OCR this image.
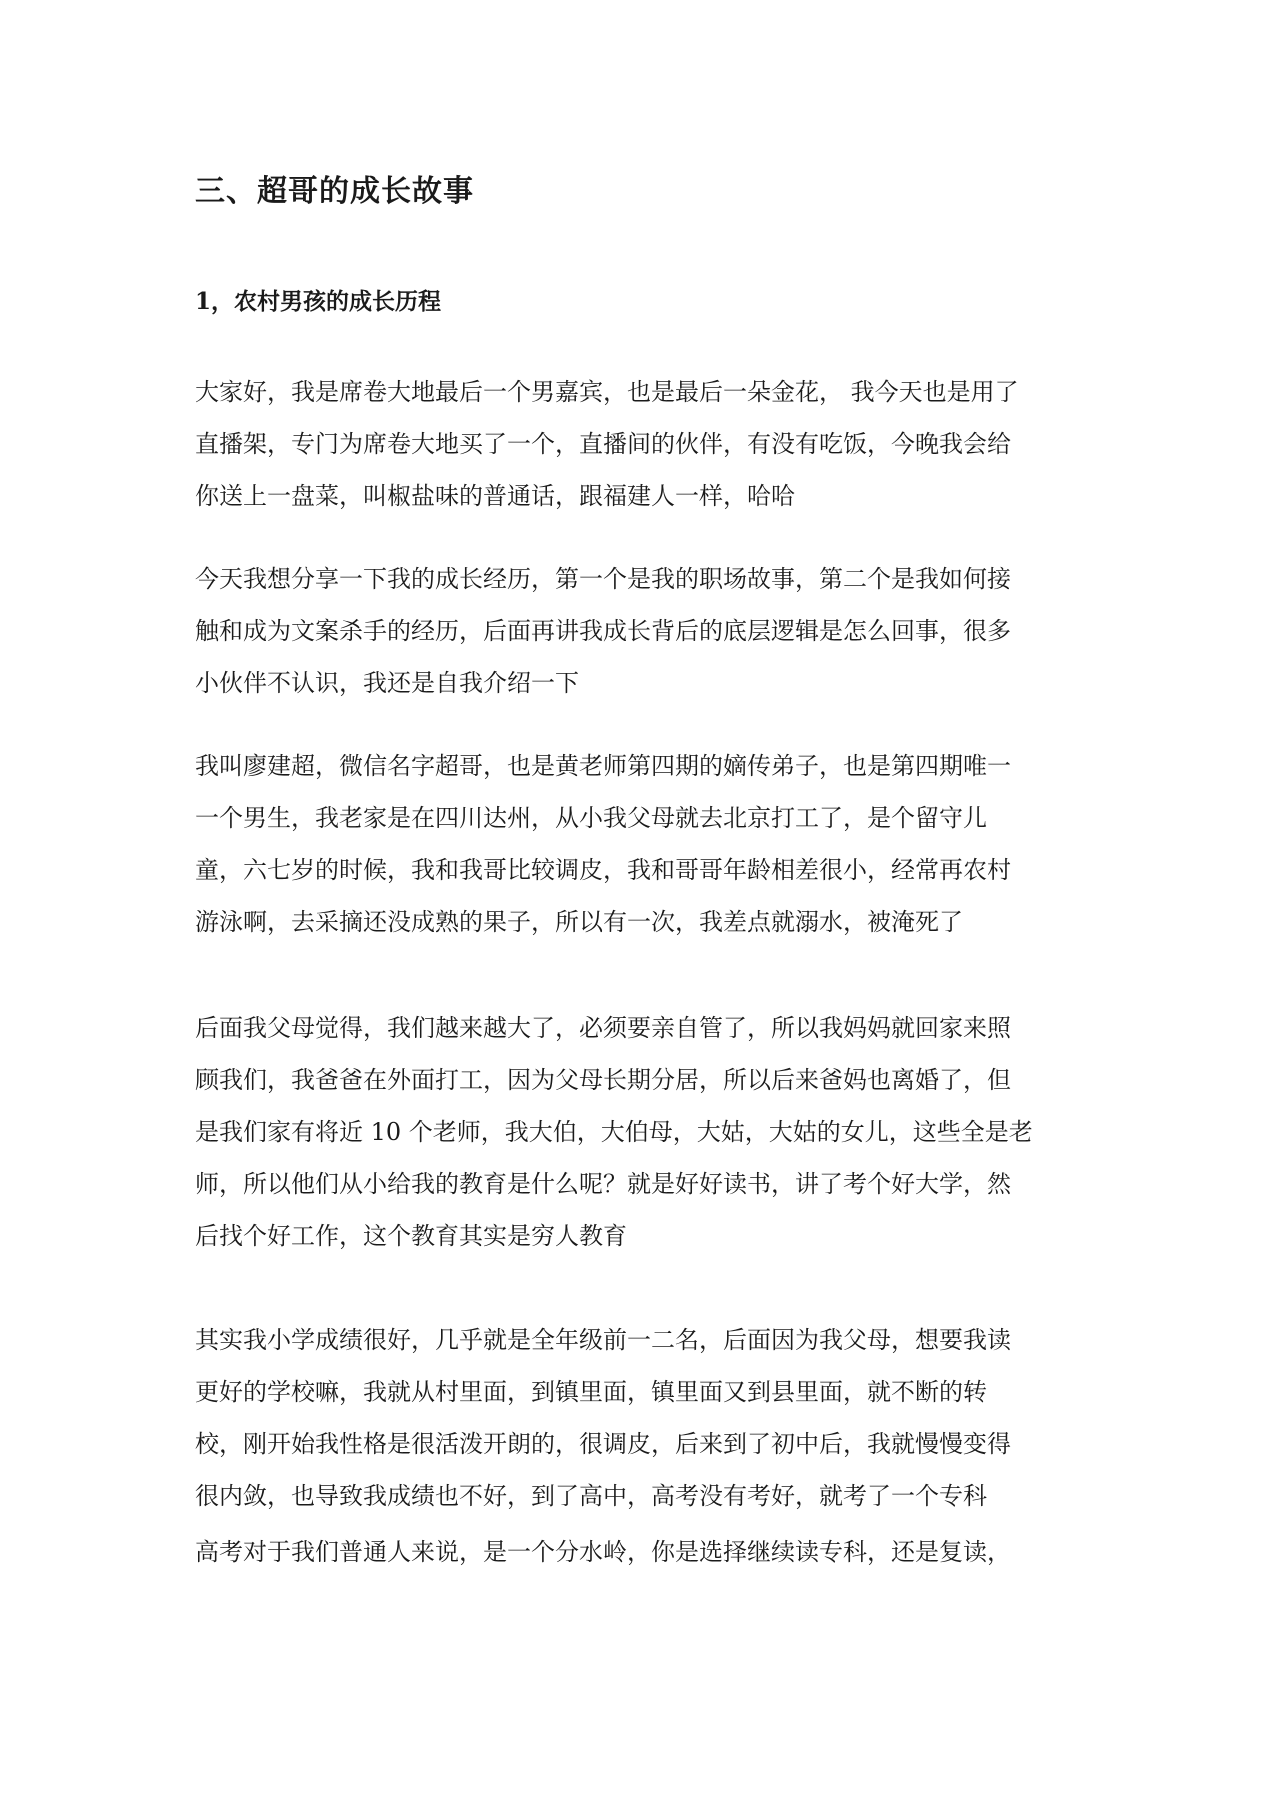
三、超哥的成长故事
1，农村男孩的成长历程

大家好，我是席卷大地最后一个男嘉宾，也是最后一朵金花， 我今天也是用了
直播架，专门为席卷大地买了一个，直播间的伙伴，有没有吃饭，今晚我会给
你送上一盘菜，叫椒盐味的普通话，跟福建人一样，哈哈

今天我想分享一下我的成长经历，第一个是我的职场故事，第二个是我如何接
触和成为文案杀手的经历，后面再讲我成长背后的底层逻辑是怎么回事，很多
小伙伴不认识，我还是自我介绍一下

我叫廖建超，微信名字超哥，也是黄老师第四期的嫡传弟子，也是第四期唯一
一个男生，我老家是在四川达州，从小我父母就去北京打工了，是个留守儿
童，六七岁的时候，我和我哥比较调皮，我和哥哥年龄相差很小，经常再农村
游泳啊，去采摘还没成熟的果子，所以有一次，我差点就溺水，被淹死了

后面我父母觉得，我们越来越大了，必须要亲自管了，所以我妈妈就回家来照
顾我们，我爸爸在外面打工，因为父母长期分居，所以后来爸妈也离婚了，但
是我们家有将近 10 个老师，我大伯，大伯母，大姑，大姑的女儿，这些全是老
师，所以他们从小给我的教育是什么呢？就是好好读书，讲了考个好大学，然
后找个好工作，这个教育其实是穷人教育

其实我小学成绩很好，几乎就是全年级前一二名，后面因为我父母，想要我读
更好的学校嘛，我就从村里面，到镇里面，镇里面又到县里面，就不断的转
校，刚开始我性格是很活泼开朗的，很调皮，后来到了初中后，我就慢慢变得
很内敛，也导致我成绩也不好，到了高中，高考没有考好，就考了一个专科

高考对于我们普通人来说，是一个分水岭，你是选择继续读专科，还是复读，
